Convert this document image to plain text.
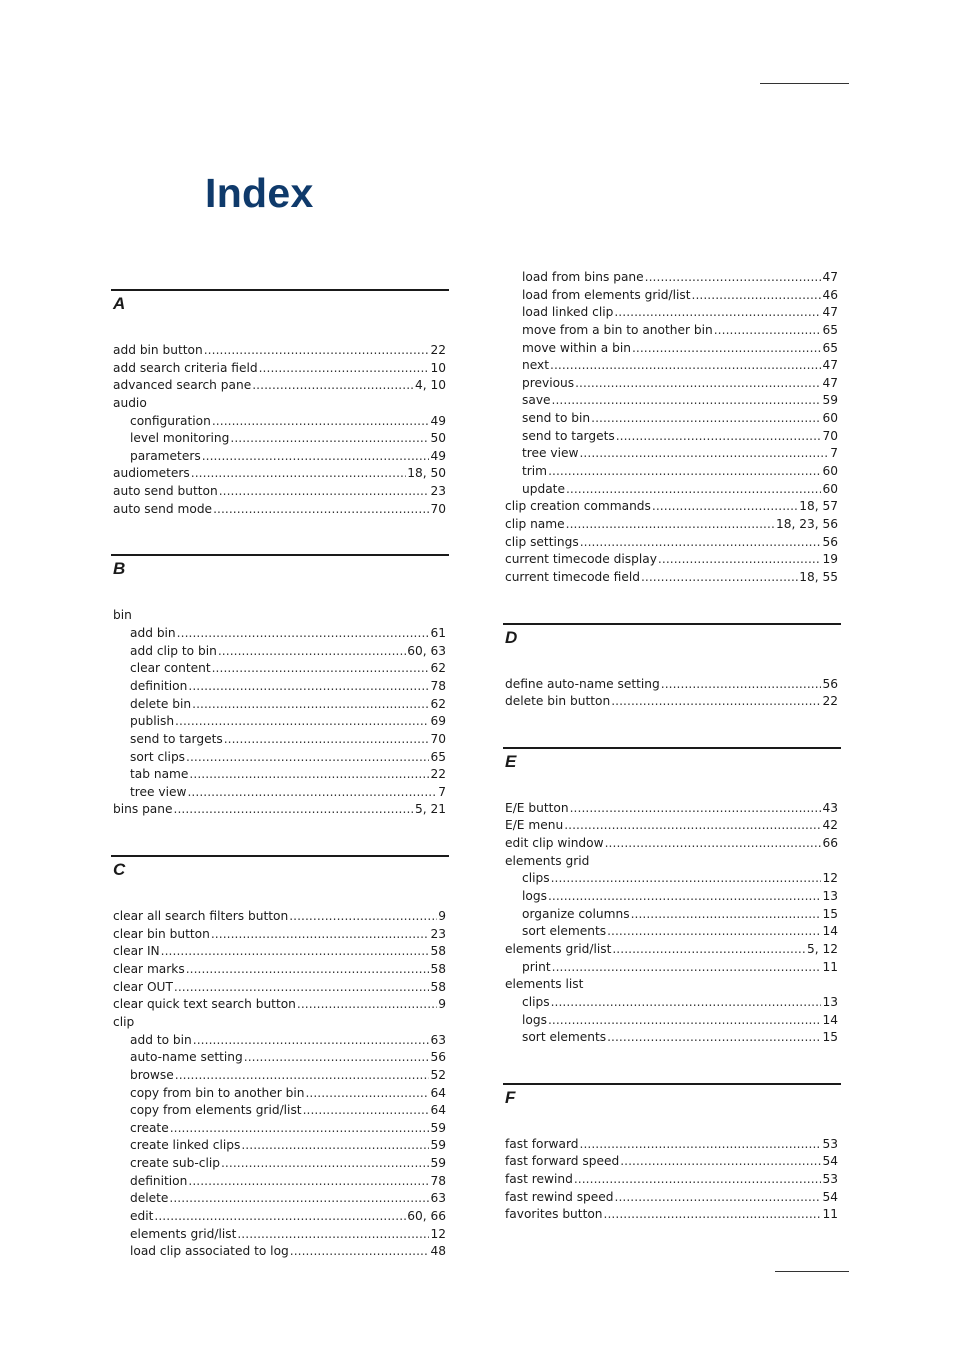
Index
A
add bin button . . .	22
add search criteria field . . .	10
advanced search pane . . .	4, 10
audio
configuration . . .	49
level monitoring . . .	50
parameters . . .	49
audiometers . . .	18, 50
auto send button . . .	23
auto send mode . . .	70
B
bin
add bin . . .	61
add clip to bin . . .	60, 63
clear content . . .	62
definition . . .	78
delete bin . . .	62
publish . . .	69
send to targets . . .	70
sort clips . . .	65
tab name . . .	22
tree view . . .	7
bins pane . . .	5, 21
C
clear all search filters button . . .	9
clear bin button . . .	23
clear IN . . .	58
clear marks . . .	58
clear OUT . . .	58
clear quick text search button . . .	9
clip
add to bin . . .	63
auto-name setting . . .	56
browse . . .	52
copy from bin to another bin . . .	64
copy from elements grid/list . . .	64
create . . .	59
create linked clips . . .	59
create sub-clip . . .	59
definition . . .	78
delete . . .	63
edit . . .	60, 66
elements grid/list . . .	12
load clip associated to log . . .	48
load from bins pane . . .	47
load from elements grid/list . . .	46
load linked clip . . .	47
move from a bin to another bin . . .	65
move within a bin . . .	65
next . . .	47
previous . . .	47
save . . .	59
send to bin . . .	60
send to targets . . .	70
tree view . . .	7
trim . . .	60
update . . .	60
clip creation commands . . .	18, 57
clip name . . .	18, 23, 56
clip settings . . .	56
current timecode display . . .	19
current timecode field . . .	18, 55
D
define auto-name setting . . .	56
delete bin button . . .	22
E
E/E button . . .	43
E/E menu . . .	42
edit clip window . . .	66
elements grid
clips . . .	12
logs . . .	13
organize columns . . .	15
sort elements . . .	14
elements grid/list . . .	5, 12
print . . .	11
elements list
clips . . .	13
logs . . .	14
sort elements . . .	15
F
fast forward . . .	53
fast forward speed . . .	54
fast rewind . . .	53
fast rewind speed . . .	54
favorites button . . .	11
